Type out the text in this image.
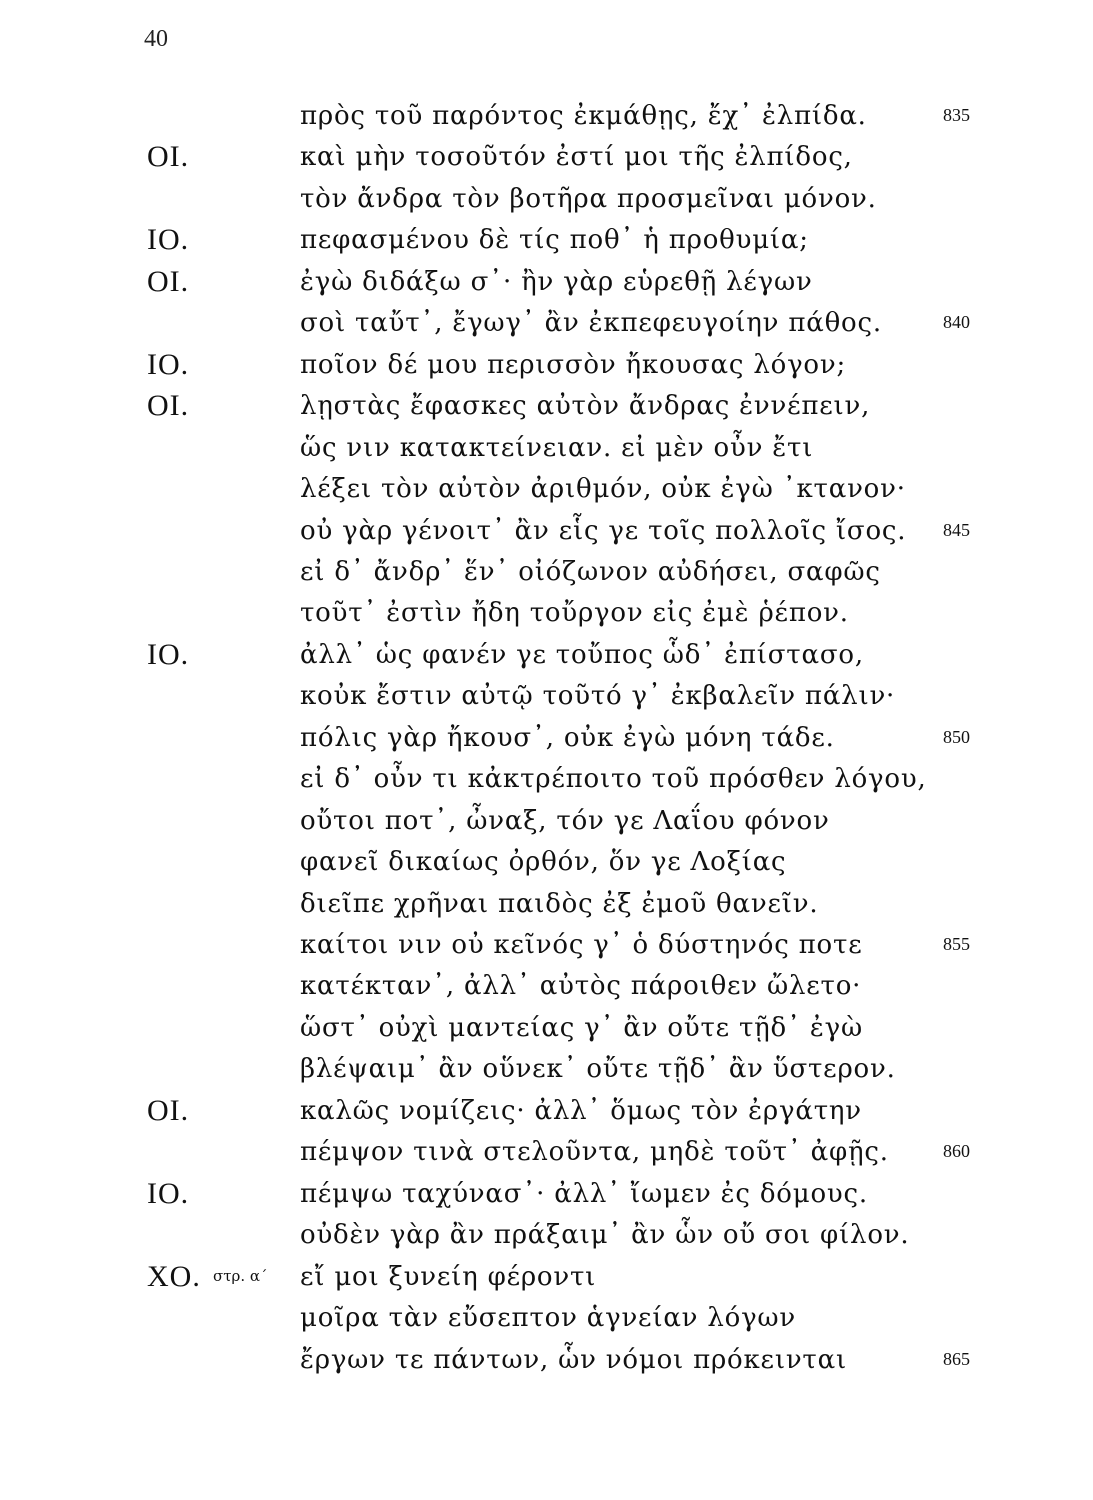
40
πρὸς τοῦ παρόντος ἐκμάθῃς, ἔχ᾽ ἐλπίδα.	835
ΟΙ.	καὶ μὴν τοσοῦτόν ἐστί μοι τῆς ἐλπίδος,
τὸν ἄνδρα τὸν βοτῆρα προσμεῖναι μόνον.
ΙΟ.	πεφασμένου δὲ τίς ποθ᾽ ἡ προθυμία;
ΟΙ.	ἐγὼ διδάξω σ᾽· ἢν γὰρ εὑρεθῇ λέγων
σοὶ ταὔτ᾽, ἔγωγ᾽ ἂν ἐκπεφευγοίην πάθος.	840
ΙΟ.	ποῖον δέ μου περισσὸν ἤκουσας λόγον;
ΟΙ.	λῃστὰς ἔφασκες αὐτὸν ἄνδρας ἐννέπειν,
ὥς νιν κατακτείνειαν. εἰ μὲν οὖν ἔτι
λέξει τὸν αὐτὸν ἀριθμόν, οὐκ ἐγὼ ᾽κτανον·
οὐ γὰρ γένοιτ᾽ ἂν εἷς γε τοῖς πολλοῖς ἴσος. 845
εἰ δ᾽ ἄνδρ᾽ ἕν᾽ οἰόζωνον αὐδήσει, σαφῶς
τοῦτ᾽ ἐστὶν ἤδη τοὔργον εἰς ἐμὲ ῥέπον.
ΙΟ.	ἀλλ᾽ ὡς φανέν γε τοὔπος ὧδ᾽ ἐπίστασο,
κοὐκ ἔστιν αὐτῷ τοῦτό γ᾽ ἐκβαλεῖν πάλιν·
πόλις γὰρ ἤκουσ᾽, οὐκ ἐγὼ μόνη τάδε.	850
εἰ δ᾽ οὖν τι κἀκτρέποιτο τοῦ πρόσθεν λόγου,
οὔτοι ποτ᾽, ὦναξ, τόν γε Λαΐου φόνον
φανεῖ δικαίως ὀρθόν, ὅν γε Λοξίας
διεῖπε χρῆναι παιδὸς ἐξ ἐμοῦ θανεῖν.
καίτοι νιν οὐ κεῖνός γ᾽ ὁ δύστηνός ποτε	855
κατέκταν᾽, ἀλλ᾽ αὐτὸς πάροιθεν ὤλετο·
ὥστ᾽ οὐχὶ μαντείας γ᾽ ἂν οὔτε τῇδ᾽ ἐγὼ
βλέψαιμ᾽ ἂν οὕνεκ᾽ οὔτε τῇδ᾽ ἂν ὕστερον.
ΟΙ.	καλῶς νομίζεις· ἀλλ᾽ ὅμως τὸν ἐργάτην
πέμψον τινὰ στελοῦντα, μηδὲ τοῦτ᾽ ἀφῇς.	860
ΙΟ.	πέμψω ταχύνασ᾽· ἀλλ᾽ ἴωμεν ἐς δόμους.
οὐδὲν γὰρ ἂν πράξαιμ᾽ ἂν ὧν οὔ σοι φίλον.
ΧΟ. στρ. α´ εἴ μοι ξυνείη φέροντι
μοῖρα τὰν εὔσεπτον ἁγνείαν λόγων
ἔργων τε πάντων, ὧν νόμοι πρόκεινται	865
